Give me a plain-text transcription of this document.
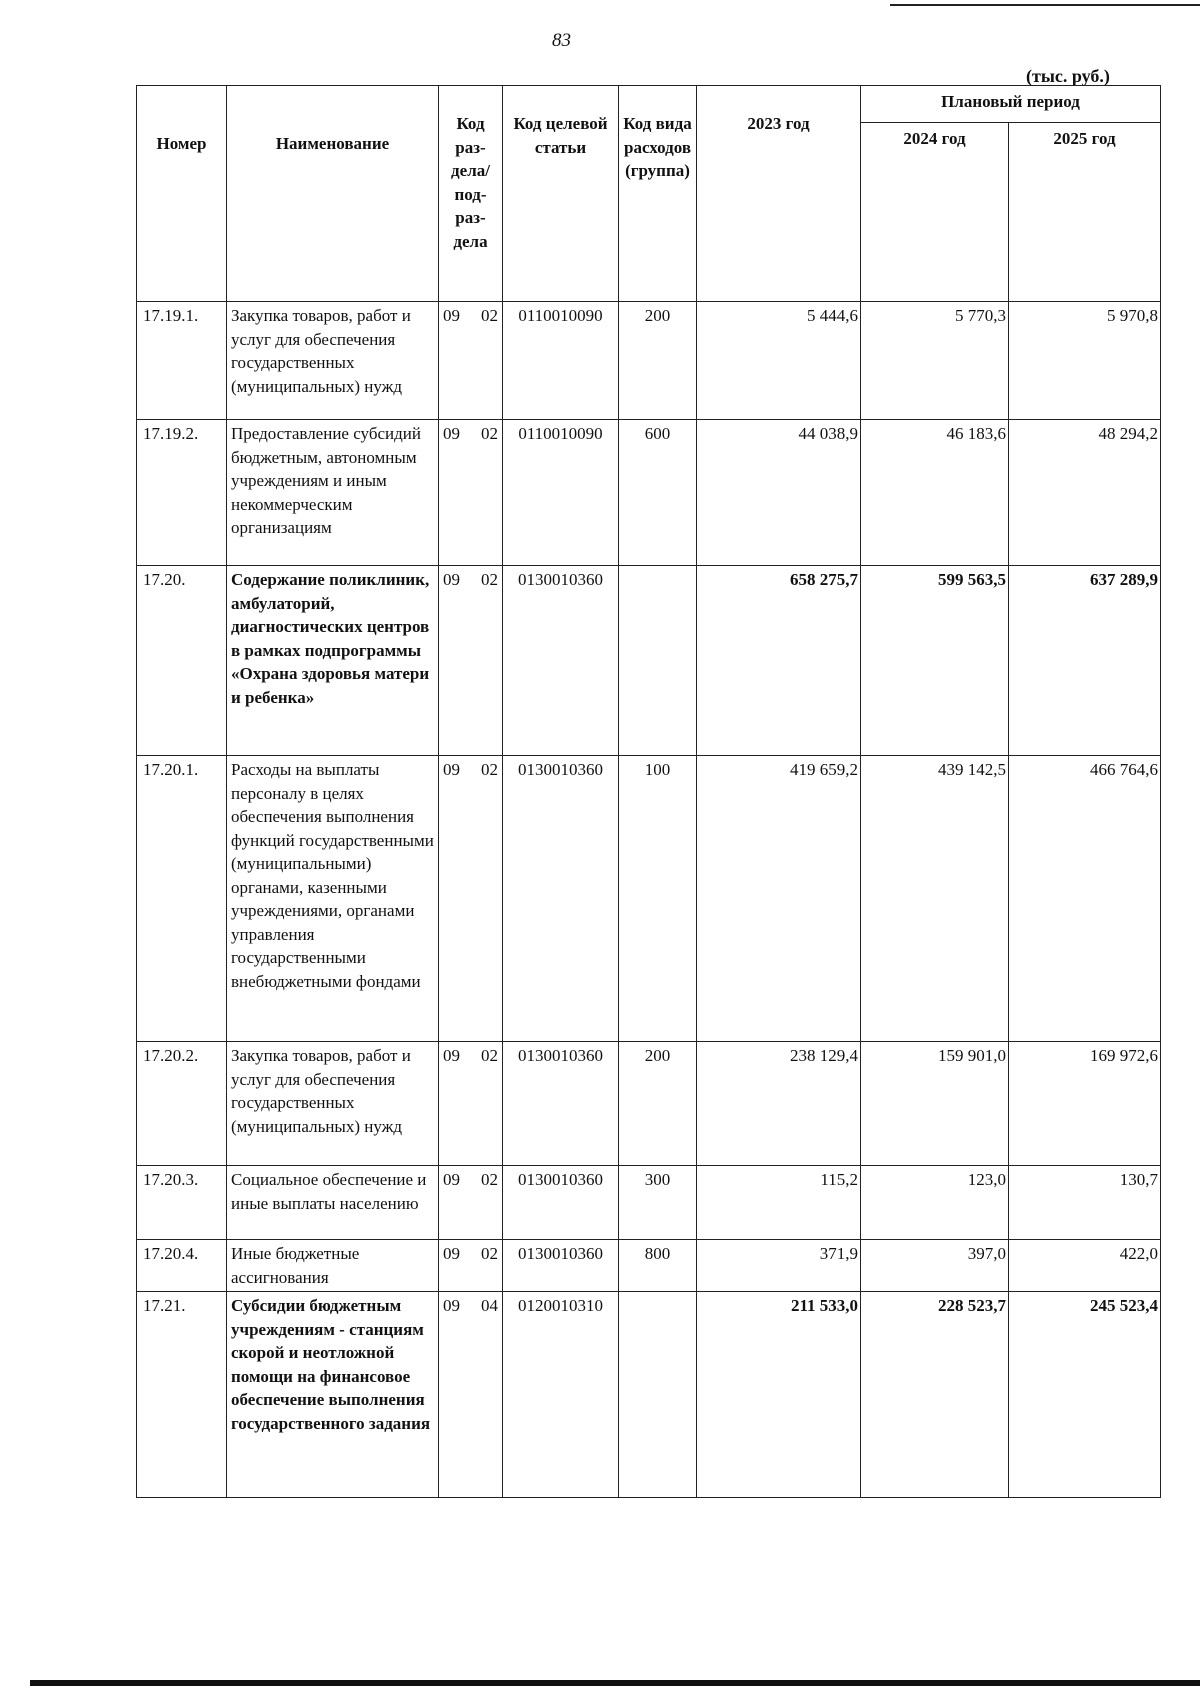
83
(тыс. руб.)
Номер	Наименование	Код раз-дела/ под-раз-дела	Код целевой статьи	Код вида расходов (группа)	2023 год	Плановый период	
						2024 год	2025 год
17.19.1.	Закупка товаров, работ и услуг для обеспечения государственных (муниципальных) нужд	09 02	0110010090	200	5 444,6	5 770,3	5 970,8
17.19.2.	Предоставление субсидий бюджетным, автономным учреждениям и иным некоммерческим организациям	09 02	0110010090	600	44 038,9	46 183,6	48 294,2
17.20.	Содержание поликлиник, амбулаторий, диагностических центров в рамках подпрограммы «Охрана здоровья матери и ребенка»	09 02	0130010360		658 275,7	599 563,5	637 289,9
17.20.1.	Расходы на выплаты персоналу в целях обеспечения выполнения функций государственными (муниципальными) органами, казенными учреждениями, органами управления государственными внебюджетными фондами	09 02	0130010360	100	419 659,2	439 142,5	466 764,6
17.20.2.	Закупка товаров, работ и услуг для обеспечения государственных (муниципальных) нужд	09 02	0130010360	200	238 129,4	159 901,0	169 972,6
17.20.3.	Социальное обеспечение и иные выплаты населению	09 02	0130010360	300	115,2	123,0	130,7
17.20.4.	Иные бюджетные ассигнования	09 02	0130010360	800	371,9	397,0	422,0
17.21.	Субсидии бюджетным учреждениям - станциям скорой и неотложной помощи на финансовое обеспечение выполнения государственного задания	09 04	0120010310		211 533,0	228 523,7	245 523,4
